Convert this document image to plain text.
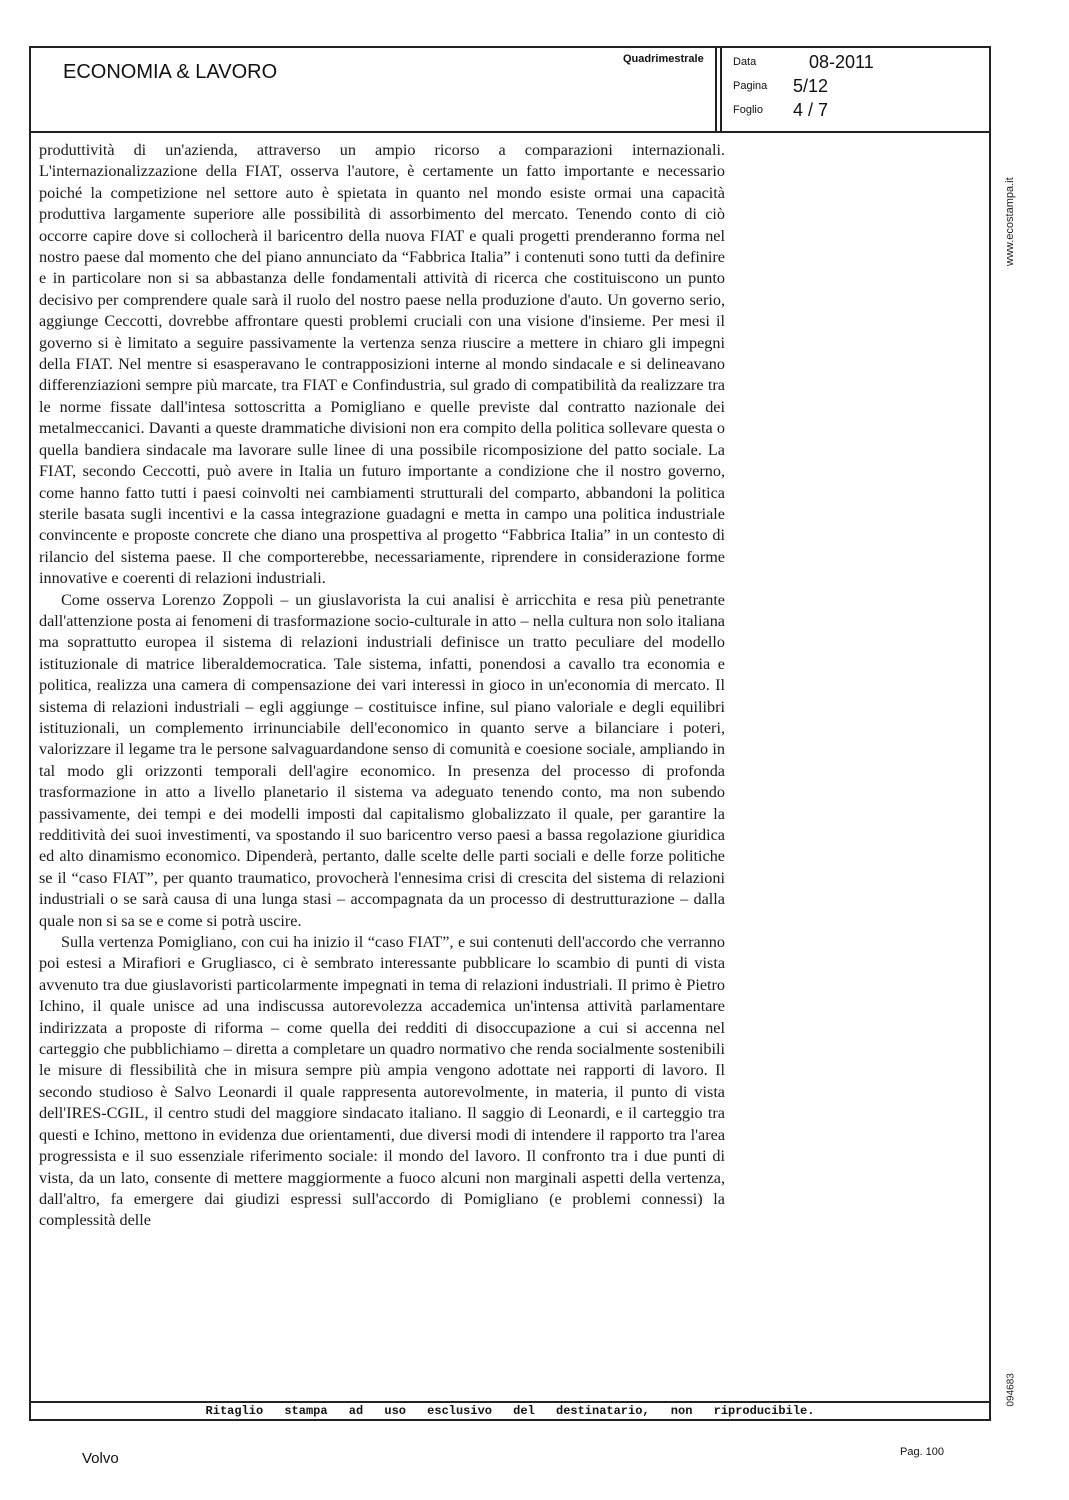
ECONOMIA & LAVORO
Quadrimestrale	Data	08-2011
Pagina 5/12
Foglio 4 / 7

produttività di un'azienda, attraverso un ampio ricorso a comparazioni internazionali. L'internazionalizzazione della FIAT, osserva l'autore, è certamente un fatto importante e necessario poiché la competizione nel settore auto è spietata in quanto nel mondo esiste ormai una capacità produttiva largamente superiore alle possibilità di assorbimento del mercato. Tenendo conto di ciò occorre capire dove si collocherà il baricentro della nuova FIAT e quali progetti prenderanno forma nel nostro paese dal momento che del piano annunciato da “Fabbrica Italia” i contenuti sono tutti da definire e in particolare non si sa abbastanza delle fondamentali attività di ricerca che costituiscono un punto decisivo per comprendere quale sarà il ruolo del nostro paese nella produzione d'auto. Un governo serio, aggiunge Ceccotti, dovrebbe affrontare questi problemi cruciali con una visione d'insieme. Per mesi il governo si è limitato a seguire passivamente la vertenza senza riuscire a mettere in chiaro gli impegni della FIAT. Nel mentre si esasperavano le contrapposizioni interne al mondo sindacale e si delineavano differenziazioni sempre più marcate, tra FIAT e Confindustria, sul grado di compatibilità da realizzare tra le norme fissate dall'intesa sottoscritta a Pomigliano e quelle previste dal contratto nazionale dei metalmeccanici. Davanti a queste drammatiche divisioni non era compito della politica sollevare questa o quella bandiera sindacale ma lavorare sulle linee di una possibile ricomposizione del patto sociale. La FIAT, secondo Ceccotti, può avere in Italia un futuro importante a condizione che il nostro governo, come hanno fatto tutti i paesi coinvolti nei cambiamenti strutturali del comparto, abbandoni la politica sterile basata sugli incentivi e la cassa integrazione guadagni e metta in campo una politica industriale convincente e proposte concrete che diano una prospettiva al progetto “Fabbrica Italia” in un contesto di rilancio del sistema paese. Il che comporterebbe, necessariamente, riprendere in considerazione forme innovative e coerenti di relazioni industriali.

Come osserva Lorenzo Zoppoli – un giuslavorista la cui analisi è arricchita e resa più penetrante dall'attenzione posta ai fenomeni di trasformazione socio-culturale in atto – nella cultura non solo italiana ma soprattutto europea il sistema di relazioni industriali definisce un tratto peculiare del modello istituzionale di matrice liberaldemocratica. Tale sistema, infatti, ponendosi a cavallo tra economia e politica, realizza una camera di compensazione dei vari interessi in gioco in un'economia di mercato. Il sistema di relazioni industriali – egli aggiunge – costituisce infine, sul piano valoriale e degli equilibri istituzionali, un complemento irrinunciabile dell'economico in quanto serve a bilanciare i poteri, valorizzare il legame tra le persone salvaguardandone senso di comunità e coesione sociale, ampliando in tal modo gli orizzonti temporali dell'agire economico. In presenza del processo di profonda trasformazione in atto a livello planetario il sistema va adeguato tenendo conto, ma non subendo passivamente, dei tempi e dei modelli imposti dal capitalismo globalizzato il quale, per garantire la redditività dei suoi investimenti, va spostando il suo baricentro verso paesi a bassa regolazione giuridica ed alto dinamismo economico. Dipenderà, pertanto, dalle scelte delle parti sociali e delle forze politiche se il “caso FIAT”, per quanto traumatico, provocherà l'ennesima crisi di crescita del sistema di relazioni industriali o se sarà causa di una lunga stasi – accompagnata da un processo di destrutturazione – dalla quale non si sa se e come si potrà uscire.

Sulla vertenza Pomigliano, con cui ha inizio il “caso FIAT”, e sui contenuti dell'accordo che verranno poi estesi a Mirafiori e Grugliasco, ci è sembrato interessante pubblicare lo scambio di punti di vista avvenuto tra due giuslavoristi particolarmente impegnati in tema di relazioni industriali. Il primo è Pietro Ichino, il quale unisce ad una indiscussa autorevolezza accademica un'intensa attività parlamentare indirizzata a proposte di riforma – come quella dei redditi di disoccupazione a cui si accenna nel carteggio che pubblichiamo – diretta a completare un quadro normativo che renda socialmente sostenibili le misure di flessibilità che in misura sempre più ampia vengono adottate nei rapporti di lavoro. Il secondo studioso è Salvo Leonardi il quale rappresenta autorevolmente, in materia, il punto di vista dell'IRES-CGIL, il centro studi del maggiore sindacato italiano. Il saggio di Leonardi, e il carteggio tra questi e Ichino, mettono in evidenza due orientamenti, due diversi modi di intendere il rapporto tra l'area progressista e il suo essenziale riferimento sociale: il mondo del lavoro. Il confronto tra i due punti di vista, da un lato, consente di mettere maggiormente a fuoco alcuni non marginali aspetti della vertenza, dall'altro, fa emergere dai giudizi espressi sull'accordo di Pomigliano (e problemi connessi) la complessità delle

Ritaglio stampa ad uso esclusivo del destinatario, non riproducibile.
www.ecostampa.it
094683
Volvo	Pag. 100
